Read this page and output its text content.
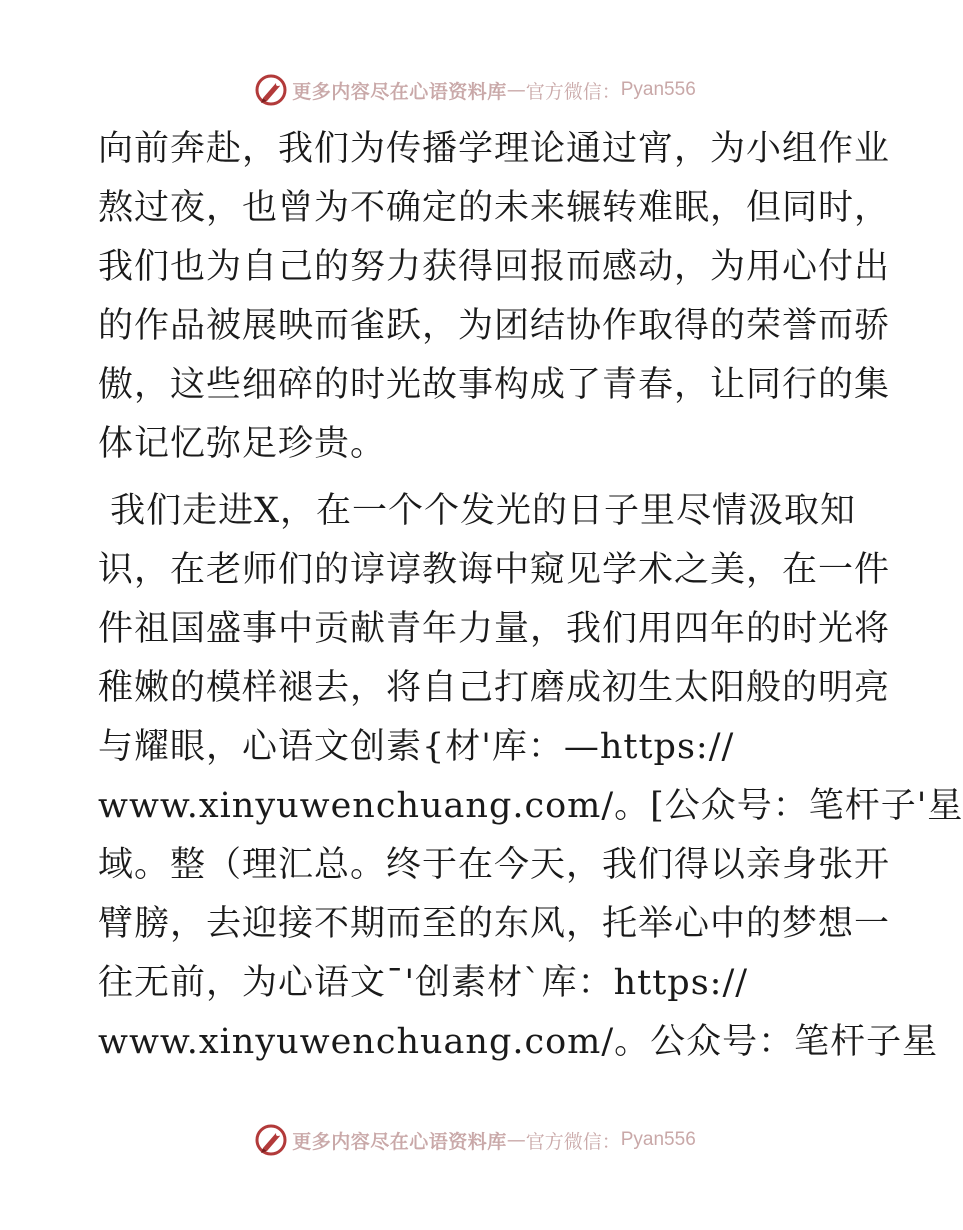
更多内容尽在心语资料库 — 官方微信： Pyan556
向前奔赴，我们为传播学理论通过宵，为小组作业
熬过夜，也曾为不确定的未来辗转难眠，但同时，
我们也为自己的努力获得回报而感动，为用心付出
的作品被展映而雀跃，为团结协作取得的荣誉而骄
傲，这些细碎的时光故事构成了青春，让同行的集
体记忆弥足珍贵。
我们走进X，在一个个发光的日子里尽情汲取知
识，在老师们的谆谆教诲中窥见学术之美，在一件
件祖国盛事中贡献青年力量，我们用四年的时光将
稚嫩的模样褪去，将自己打磨成初生太阳般的明亮
与耀眼，心语文创素{材'库：—https://
www.xinyuwenchuang.com/。[公众号：笔杆子'星
域。整（理汇总。终于在今天，我们得以亲身张开
臂膀，去迎接不期而至的东风，托举心中的梦想一
往无前，为心语文¯'创素材`库：https://
www.xinyuwenchuang.com/。公众号：笔杆子星
更多内容尽在心语资料库 — 官方微信： Pyan556
